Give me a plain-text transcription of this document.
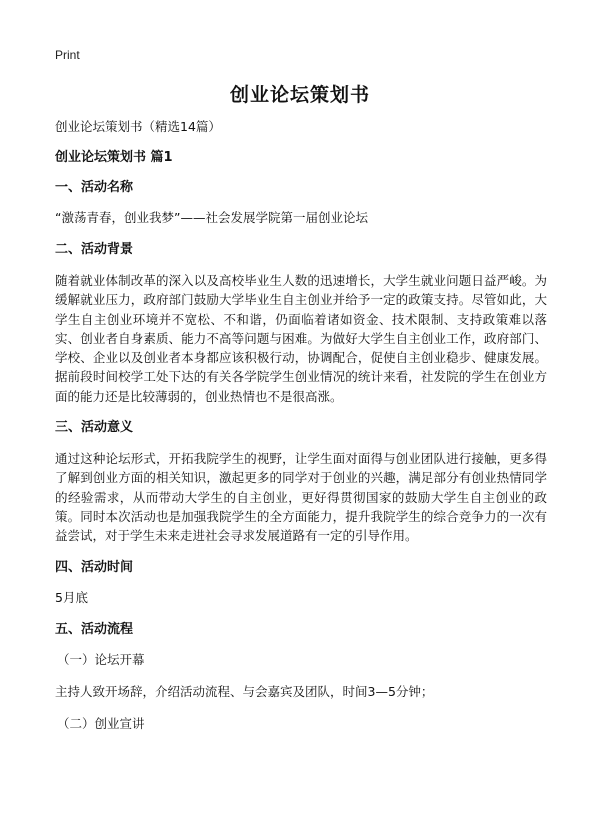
Print
创业论坛策划书
创业论坛策划书（精选14篇）
创业论坛策划书 篇1
一、活动名称

“激荡青春，创业我梦”——社会发展学院第一届创业论坛

二、活动背景

随着就业体制改革的深入以及高校毕业生人数的迅速增长，大学生就业问题日益严峻。为缓解就业压力，政府部门鼓励大学毕业生自主创业并给予一定的政策支持。尽管如此，大学生自主创业环境并不宽松、不和谐，仍面临着诸如资金、技术限制、支持政策难以落实、创业者自身素质、能力不高等问题与困难。为做好大学生自主创业工作，政府部门、学校、企业以及创业者本身都应该积极行动，协调配合，促使自主创业稳步、健康发展。据前段时间校学工处下达的有关各学院学生创业情况的统计来看，社发院的学生在创业方面的能力还是比较薄弱的，创业热情也不是很高涨。

三、活动意义

通过这种论坛形式，开拓我院学生的视野，让学生面对面得与创业团队进行接触，更多得了解到创业方面的相关知识，激起更多的同学对于创业的兴趣，满足部分有创业热情同学的经验需求，从而带动大学生的自主创业，更好得贯彻国家的鼓励大学生自主创业的政策。同时本次活动也是加强我院学生的全方面能力，提升我院学生的综合竞争力的一次有益尝试，对于学生未来走进社会寻求发展道路有一定的引导作用。

四、活动时间

5月底

五、活动流程

（一）论坛开幕

主持人致开场辞，介绍活动流程、与会嘉宾及团队，时间3—5分钟；

（二）创业宣讲
